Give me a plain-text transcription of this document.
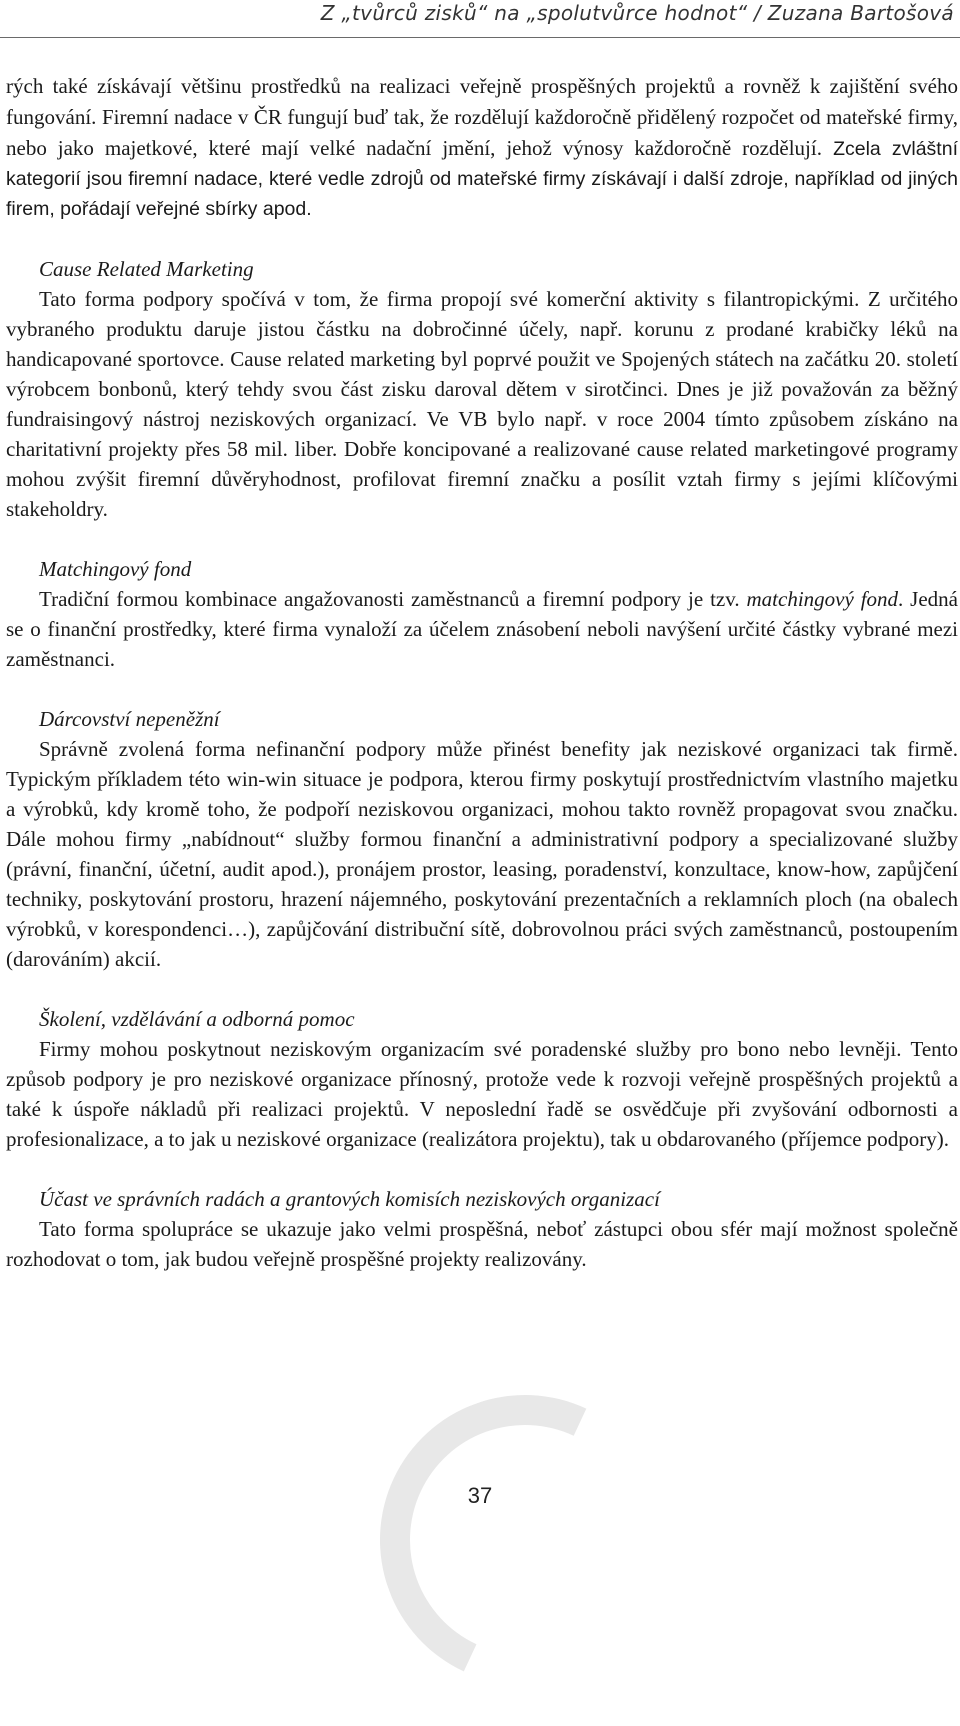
Z „tvůrců zisků“ na „spolutvůrce hodnot“ / Zuzana Bartošová

rých také získávají většinu prostředků na realizaci veřejně prospěšných projektů a rovněž k zajištění svého fungování. Firemní nadace v ČR fungují buď tak, že rozdělují každoročně přidělený rozpočet od mateřské firmy, nebo jako majetkové, které mají velké nadační jmění, jehož výnosy každoročně rozdělují. Zcela zvláštní kategorií jsou firemní nadace, které vedle zdrojů od mateřské firmy získávají i další zdroje, například od jiných firem, pořádají veřejné sbírky apod.

Cause Related Marketing

Tato forma podpory spočívá v tom, že firma propojí své komerční aktivity s filantropickými. Z určitého vybraného produktu daruje jistou částku na dobročinné účely, např. korunu z prodané krabičky léků na handicapované sportovce. Cause related marketing byl poprvé použit ve Spojených státech na začátku 20. století výrobcem bonbonů, který tehdy svou část zisku daroval dětem v sirotčinci. Dnes je již považován za běžný fundraisingový nástroj neziskových organizací. Ve VB bylo např. v roce 2004 tímto způsobem získáno na charitativní projekty přes 58 mil. liber. Dobře koncipované a realizované cause related marketingové programy mohou zvýšit firemní důvěryhodnost, profilovat firemní značku a posílit vztah firmy s jejími klíčovými stakeholdry.

Matchingový fond

Tradiční formou kombinace angažovanosti zaměstnanců a firemní podpory je tzv. matchingový fond. Jedná se o finanční prostředky, které firma vynaloží za účelem znásobení neboli navýšení určité částky vybrané mezi zaměstnanci.

Dárcovství nepeněžní

Správně zvolená forma nefinanční podpory může přinést benefity jak neziskové organizaci tak firmě. Typickým příkladem této win-win situace je podpora, kterou firmy poskytují prostřednictvím vlastního majetku a výrobků, kdy kromě toho, že podpoří neziskovou organizaci, mohou takto rovněž propagovat svou značku. Dále mohou firmy „nabídnout“ služby formou finanční a administrativní podpory a specializované služby (právní, finanční, účetní, audit apod.), pronájem prostor, leasing, poradenství, konzultace, know-how, zapůjčení techniky, poskytování prostoru, hrazení nájemného, poskytování prezentačních a reklamních ploch (na obalech výrobků, v korespondenci…), zapůjčování distribuční sítě, dobrovolnou práci svých zaměstnanců, postoupením (darováním) akcií.

Školení, vzdělávání a odborná pomoc

Firmy mohou poskytnout neziskovým organizacím své poradenské služby pro bono nebo levněji. Tento způsob podpory je pro neziskové organizace přínosný, protože vede k rozvoji veřejně prospěšných projektů a také k úspoře nákladů při realizaci projektů. V neposlední řadě se osvědčuje při zvyšování odbornosti a profesionalizace, a to jak u neziskové organizace (realizátora projektu), tak u obdarovaného (příjemce podpory).

Účast ve správních radách a grantových komisích neziskových organizací

Tato forma spolupráce se ukazuje jako velmi prospěšná, neboť zástupci obou sfér mají možnost společně rozhodovat o tom, jak budou veřejně prospěšné projekty realizovány.

37
